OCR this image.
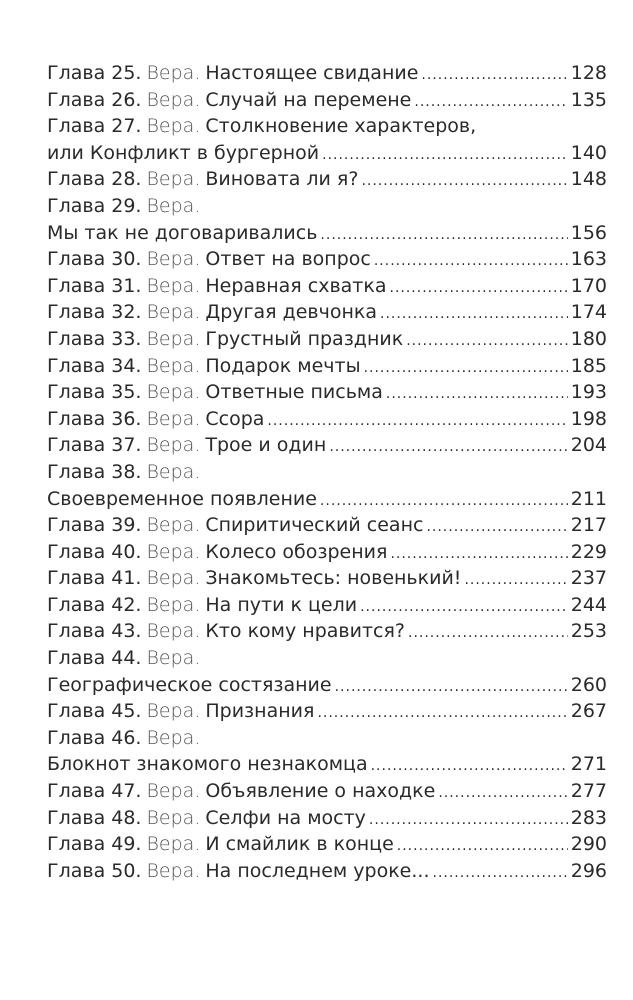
Глава 25. Вера. Настоящее свидание .....	128
Глава 26. Вера. Случай на перемене .....	135
Глава 27. Вера. Столкновение характеров,
или Конфликт в бургерной .....	140
Глава 28. Вера. Виновата ли я? .....	148
Глава 29. Вера.
Мы так не договаривались .....	156
Глава 30. Вера. Ответ на вопрос .....	163
Глава 31. Вера. Неравная схватка .....	170
Глава 32. Вера. Другая девчонка .....	174
Глава 33. Вера. Грустный праздник .....	180
Глава 34. Вера. Подарок мечты .....	185
Глава 35. Вера. Ответные письма .....	193
Глава 36. Вера. Ссора .....	198
Глава 37. Вера. Трое и один .....	204
Глава 38. Вера.
Своевременное появление .....	211
Глава 39. Вера. Спиритический сеанс .....	217
Глава 40. Вера. Колесо обозрения .....	229
Глава 41. Вера. Знакомьтесь: новенький! .....	237
Глава 42. Вера. На пути к цели .....	244
Глава 43. Вера. Кто кому нравится? .....	253
Глава 44. Вера.
Географическое состязание .....	260
Глава 45. Вера. Признания .....	267
Глава 46. Вера.
Блокнот знакомого незнакомца .....	271
Глава 47. Вера. Объявление о находке .....	277
Глава 48. Вера. Селфи на мосту .....	283
Глава 49. Вера. И смайлик в конце .....	290
Глава 50. Вера. На последнем уроке... .....	296
